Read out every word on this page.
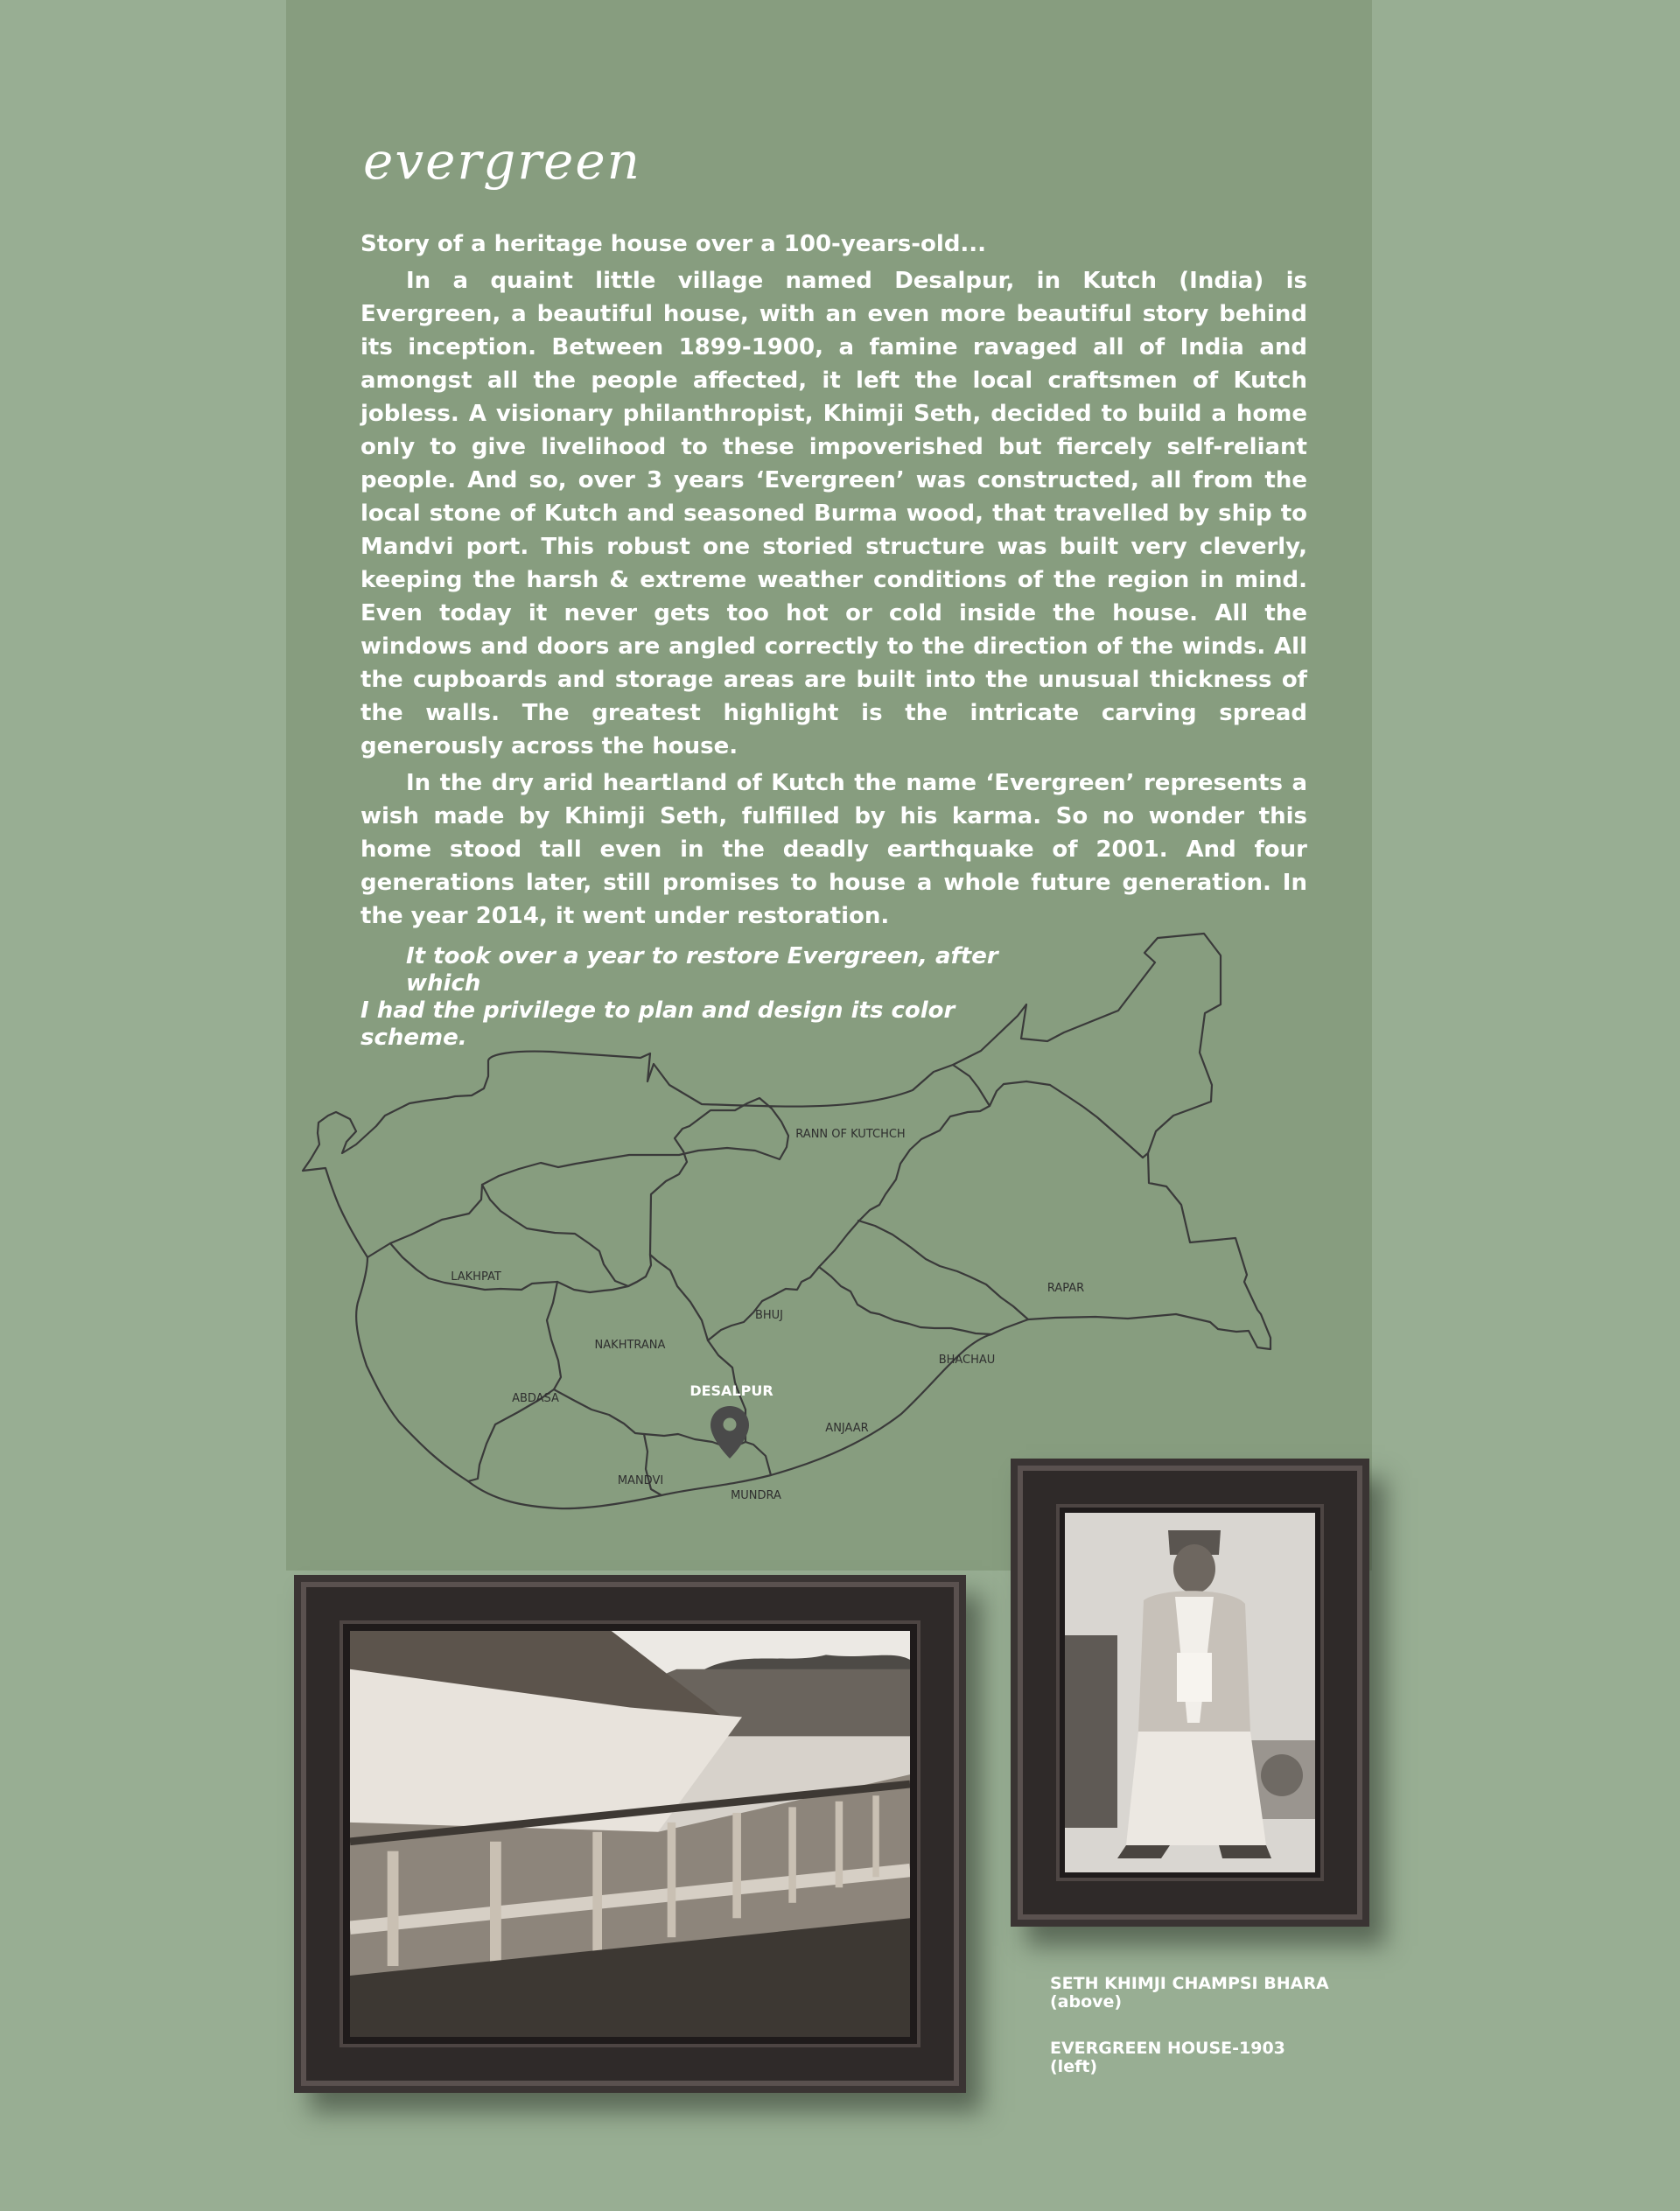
evergreen

Story of a heritage house over a 100-years-old...

In a quaint little village named Desalpur, in Kutch (India) is Evergreen, a beautiful house, with an even more beautiful story behind its inception. Between 1899-1900, a famine ravaged all of India and amongst all the people affected, it left the local craftsmen of Kutch jobless. A visionary philanthropist, Khimji Seth, decided to build a home only to give livelihood to these impoverished but fiercely self-reliant people. And so, over 3 years ‘Evergreen’ was constructed, all from the local stone of Kutch and seasoned Burma wood, that travelled by ship to Mandvi port. This robust one storied structure was built very cleverly, keeping the harsh & extreme weather conditions of the region in mind. Even today it never gets too hot or cold inside the house. All the windows and doors are angled correctly to the direction of the winds. All the cupboards and storage areas are built into the unusual thickness of the walls. The greatest highlight is the intricate carving spread generously across the house.

In the dry arid heartland of Kutch the name ‘Evergreen’ represents a wish made by Khimji Seth, fulfilled by his karma. So no wonder this home stood tall even in the deadly earthquake of 2001. And four generations later, still promises to house a whole future generation. In the year 2014, it went under restoration.

It took over a year to restore Evergreen, after which
I had the privilege to plan and design its color scheme.

RANN OF KUTCHCH
LAKHPAT
NAKHTRANA
BHUJ
RAPAR
BHACHAU
ABDASA
ANJAAR
MANDVI
MUNDRA
DESALPUR
SETH KHIMJI CHAMPSI BHARA
(above)
EVERGREEN HOUSE-1903
(left)
